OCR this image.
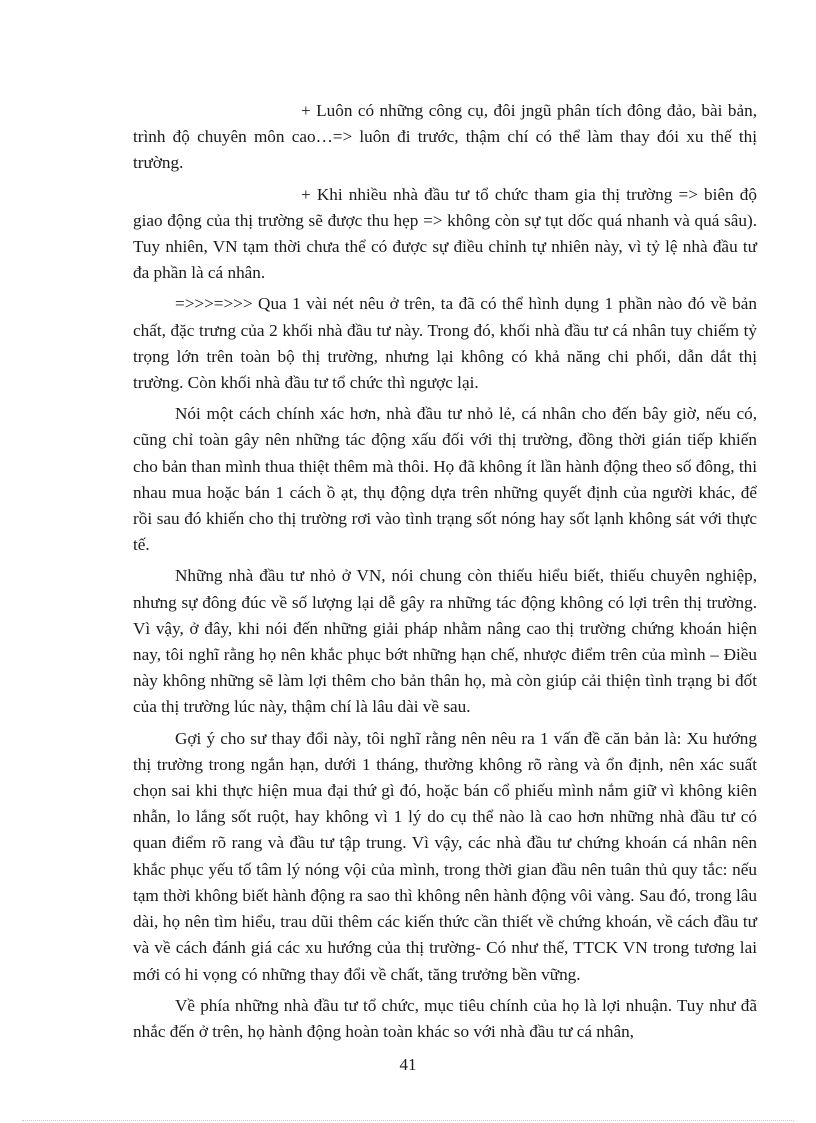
+ Luôn có những công cụ, đôi jngũ phân tích đông đảo, bài bản, trình độ chuyên môn cao…=> luôn đi trước, thậm chí có thể làm thay đói xu thế thị trường.

+ Khi nhiều nhà đầu tư tổ chức tham gia thị trường => biên độ giao động của thị trường sẽ được thu hẹp => không còn sự tụt dốc quá nhanh và quá sâu). Tuy nhiên, VN tạm thời chưa thể có được sự điều chỉnh tự nhiên này, vì tỷ lệ nhà đầu tư đa phần là cá nhân.

=>>>=>>> Qua 1 vài nét nêu ở trên, ta đã có thể hình dụng 1 phần nào đó về bản chất, đặc trưng của 2 khối nhà đầu tư này. Trong đó, khối nhà đầu tư cá nhân tuy chiếm tỷ trọng lớn trên toàn bộ thị trường, nhưng lại không có khả năng chi phối, dẫn dắt thị trường. Còn khối nhà đầu tư tổ chức thì ngược lại.

Nói một cách chính xác hơn, nhà đầu tư nhỏ lẻ, cá nhân cho đến bây giờ, nếu có, cũng chỉ toàn gây nên những tác động xấu đối với thị trường, đồng thời gián tiếp khiến cho bản than mình thua thiệt thêm mà thôi. Họ đã không ít lần hành động theo số đông, thi nhau mua hoặc bán 1 cách ồ ạt, thụ động dựa trên những quyết định của người khác, để rồi sau đó khiến cho thị trường rơi vào tình trạng sốt nóng hay sốt lạnh không sát với thực tế.

Những nhà đầu tư nhỏ ở VN, nói chung còn thiếu hiểu biết, thiếu chuyên nghiệp, nhưng sự đông đúc về số lượng lại dễ gây ra những tác động không có lợi trên thị trường. Vì vậy, ở đây, khi nói đến những giải pháp nhằm nâng cao thị trường chứng khoán hiện nay, tôi nghĩ rằng họ nên khắc phục bớt những hạn chế, nhược điểm trên của mình – Điều này không những sẽ làm lợi thêm cho bản thân họ, mà còn giúp cải thiện tình trạng bi đốt của thị trường lúc này, thậm chí là lâu dài về sau.

Gợi ý cho sư thay đổi này, tôi nghĩ rằng nên nêu ra 1 vấn đề căn bản là: Xu hướng thị trường trong ngắn hạn, dưới 1 tháng, thường không rõ ràng và ổn định, nên xác suất chọn sai khi thực hiện mua đại thứ gì đó, hoặc bán cổ phiếu mình nắm giữ vì không kiên nhẫn, lo lắng sốt ruột, hay không vì 1 lý do cụ thể nào là cao hơn những nhà đầu tư có quan điểm rõ rang và đầu tư tập trung. Vì vậy, các nhà đầu tư chứng khoán cá nhân nên khắc phục yếu tố tâm lý nóng vội của mình, trong thời gian đầu nên tuân thủ quy tắc: nếu tạm thời không biết hành động ra sao thì không nên hành động vôi vàng. Sau đó, trong lâu dài, họ nên tìm hiểu, trau dũi thêm các kiến thức cần thiết về chứng khoán, về cách đầu tư và về cách đánh giá các xu hướng của thị trường- Có như thế, TTCK VN trong tương lai mới có hi vọng có những thay đổi về chất, tăng trưởng bền vững.

Về phía những nhà đầu tư tổ chức, mục tiêu chính của họ là lợi nhuận. Tuy như đã nhắc đến ở trên, họ hành động hoàn toàn khác so với nhà đầu tư cá nhân,

41
